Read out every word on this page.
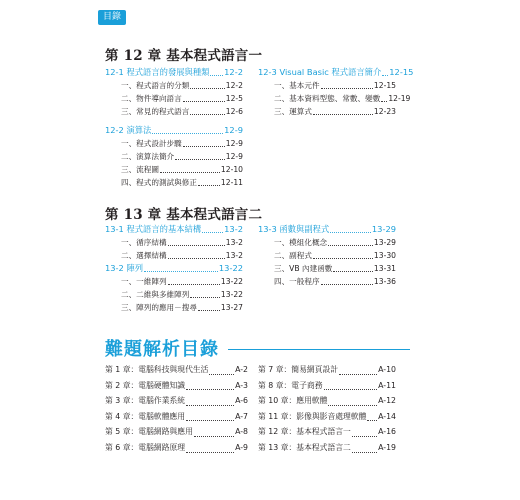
目錄
第 12 章 基本程式語言一
12-1 程式語言的發展與種類 12-2
一、程式語言的分類	12-2
二、物件導向語言	12-5
三、常見的程式語言	12-6
12-2 演算法	12-9
一、程式設計步驟	12-9
二、演算法簡介	12-9
三、流程圖	12-10
四、程式的測試與修正	12-11
12-3 Visual Basic 程式語言簡介 12-15
一、基本元件	12-15
二、基本資料型態、常數、變數 12-19
三、運算式	12-23
第 13 章 基本程式語言二
13-1 程式語言的基本結構	13-2
一、循序結構	13-2
二、選擇結構	13-2
13-2 陣列	13-22
一、一維陣列	13-22
二、二維與多維陣列	13-22
三、陣列的應用－搜尋	13-27
13-3 函數與副程式	13-29
一、模組化概念	13-29
二、副程式	13-30
三、VB 內建函數	13-31
四、一般程序	13-36
難題解析目錄
第 1 章：電腦科技與現代生活	A-2
第 2 章：電腦硬體知識	A-3
第 3 章：電腦作業系統	A-6
第 4 章：電腦軟體應用	A-7
第 5 章：電腦網路與應用	A-8
第 6 章：電腦網路原理	A-9
第 7 章：簡易網頁設計	A-10
第 8 章：電子商務	A-11
第 10 章：應用軟體	A-12
第 11 章：影像與影音處理軟體 A-14
第 12 章：基本程式語言一	A-16
第 13 章：基本程式語言二	A-19
